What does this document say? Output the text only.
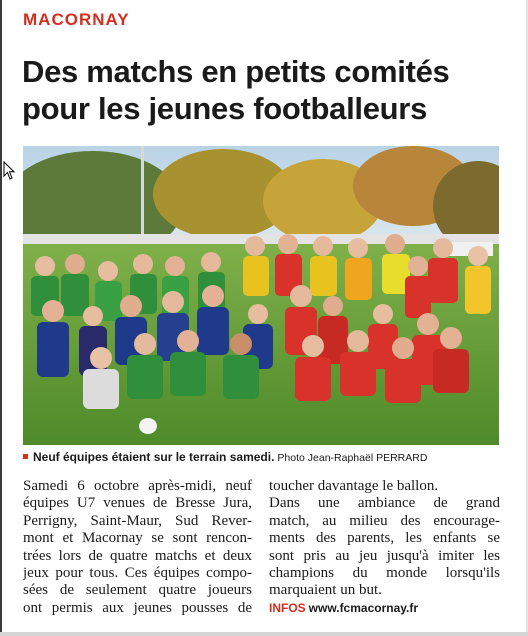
MACORNAY
Des matchs en petits comités pour les jeunes footballeurs
Neuf équipes étaient sur le terrain samedi. Photo Jean-Raphaël PERRARD
Samedi 6 octobre après-midi, neuf
équipes U7 venues de Bresse Jura,
Perrigny, Saint-Maur, Sud Rever-
mont et Macornay se sont rencon-
trées lors de quatre matchs et deux
jeux pour tous. Ces équipes compo-
sées de seulement quatre joueurs
ont permis aux jeunes pousses de
toucher davantage le ballon.
Dans une ambiance de grand
match, au milieu des encourage-
ments des parents, les enfants se
sont pris au jeu jusqu'à imiter les
champions du monde lorsqu'ils
marquaient un but.
INFOS www.fcmacornay.fr
